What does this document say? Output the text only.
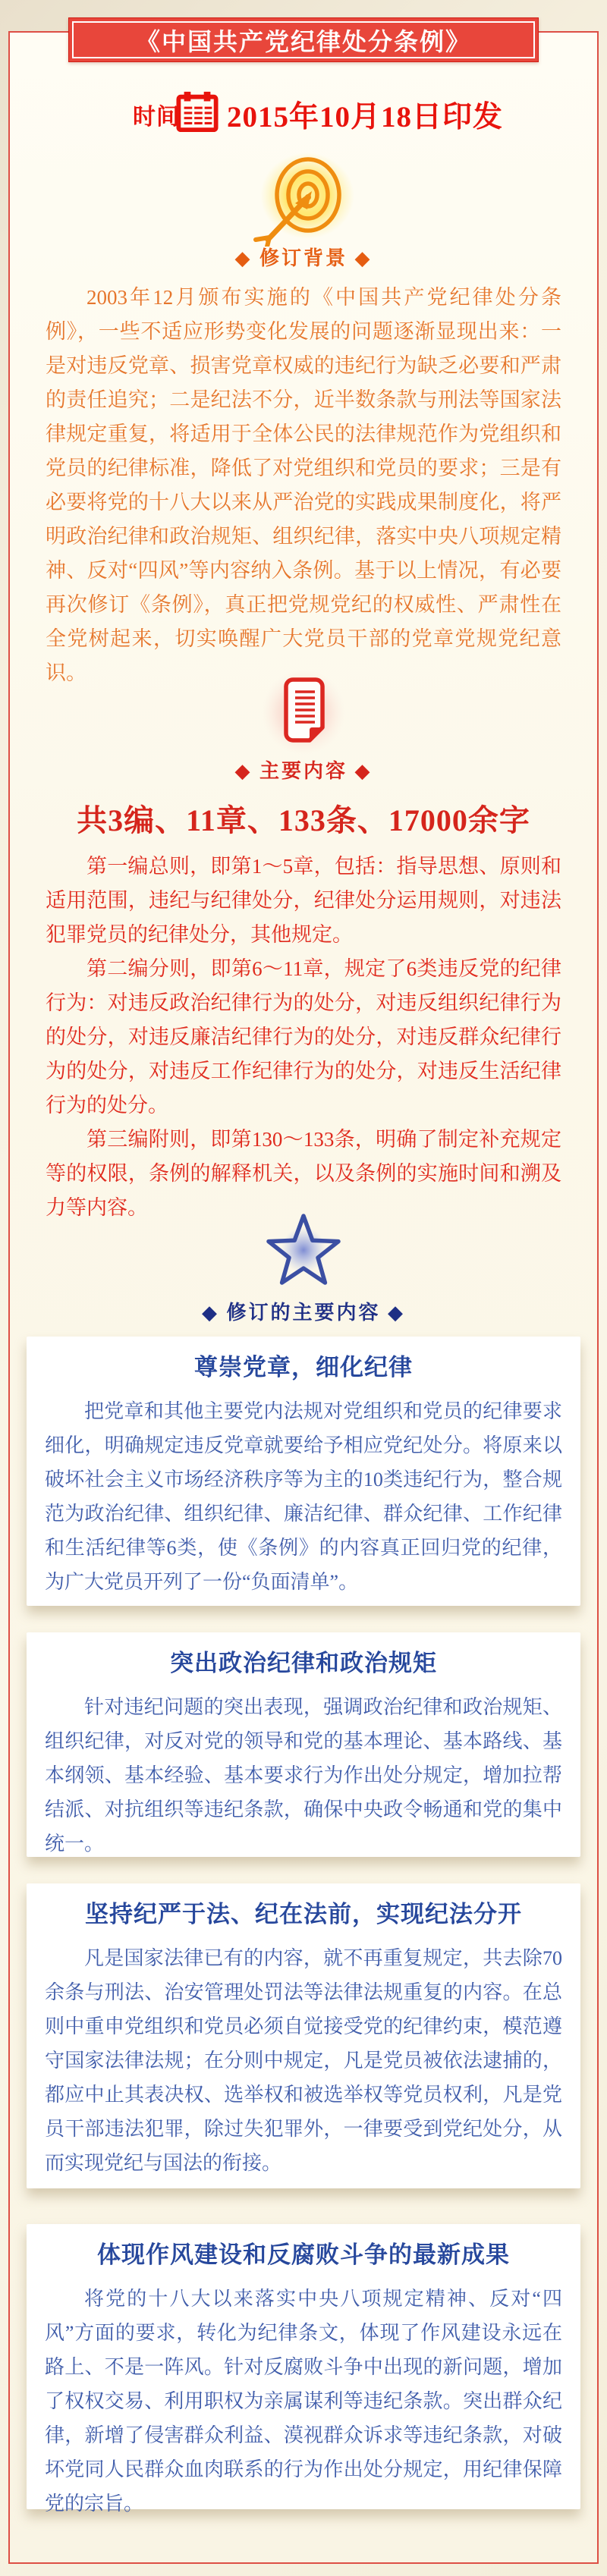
《中国共产党纪律处分条例》
时间 2015年10月18日印发
◆ 修订背景 ◆

2003年12月颁布实施的《中国共产党纪律处分条例》，一些不适应形势变化发展的问题逐渐显现出来：一是对违反党章、损害党章权威的违纪行为缺乏必要和严肃的责任追究；二是纪法不分，近半数条款与刑法等国家法律规定重复，将适用于全体公民的法律规范作为党组织和党员的纪律标准，降低了对党组织和党员的要求；三是有必要将党的十八大以来从严治党的实践成果制度化，将严明政治纪律和政治规矩、组织纪律，落实中央八项规定精神、反对“四风”等内容纳入条例。基于以上情况，有必要再次修订《条例》，真正把党规党纪的权威性、严肃性在全党树起来，切实唤醒广大党员干部的党章党规党纪意识。

◆ 主要内容 ◆
共3编、11章、133条、17000余字

第一编总则，即第1～5章，包括：指导思想、原则和适用范围，违纪与纪律处分，纪律处分运用规则，对违法犯罪党员的纪律处分，其他规定。

第二编分则，即第6～11章，规定了6类违反党的纪律行为：对违反政治纪律行为的处分，对违反组织纪律行为的处分，对违反廉洁纪律行为的处分，对违反群众纪律行为的处分，对违反工作纪律行为的处分，对违反生活纪律行为的处分。

第三编附则，即第130～133条，明确了制定补充规定等的权限，条例的解释机关，以及条例的实施时间和溯及力等内容。

◆ 修订的主要内容 ◆
尊崇党章，细化纪律
把党章和其他主要党内法规对党组织和党员的纪律要求细化，明确规定违反党章就要给予相应党纪处分。将原来以破坏社会主义市场经济秩序等为主的10类违纪行为，整合规范为政治纪律、组织纪律、廉洁纪律、群众纪律、工作纪律和生活纪律等6类，使《条例》的内容真正回归党的纪律，为广大党员开列了一份“负面清单”。
突出政治纪律和政治规矩
针对违纪问题的突出表现，强调政治纪律和政治规矩、组织纪律，对反对党的领导和党的基本理论、基本路线、基本纲领、基本经验、基本要求行为作出处分规定，增加拉帮结派、对抗组织等违纪条款，确保中央政令畅通和党的集中统一。
坚持纪严于法、纪在法前，实现纪法分开
凡是国家法律已有的内容，就不再重复规定，共去除70余条与刑法、治安管理处罚法等法律法规重复的内容。在总则中重申党组织和党员必须自觉接受党的纪律约束，模范遵守国家法律法规；在分则中规定，凡是党员被依法逮捕的，都应中止其表决权、选举权和被选举权等党员权利，凡是党员干部违法犯罪，除过失犯罪外，一律要受到党纪处分，从而实现党纪与国法的衔接。
体现作风建设和反腐败斗争的最新成果
将党的十八大以来落实中央八项规定精神、反对“四风”方面的要求，转化为纪律条文，体现了作风建设永远在路上、不是一阵风。针对反腐败斗争中出现的新问题，增加了权权交易、利用职权为亲属谋利等违纪条款。突出群众纪律，新增了侵害群众利益、漠视群众诉求等违纪条款，对破坏党同人民群众血肉联系的行为作出处分规定，用纪律保障党的宗旨。
